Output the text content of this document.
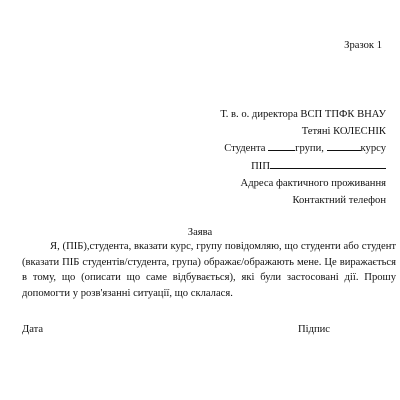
Зразок 1
Т. в. о. директора ВСП ТПФК ВНАУ
Тетяні КОЛЕСНІК
Студента	групи,	курсу
ПІП
Адреса фактичного проживання
Контактний телефон
Заява

Я, (ПІБ),студента, вказати курс, групу повідомляю, що студенти або студент (вказати ПІБ студентів/студента, група) ображає/ображають мене. Це виражається в тому, що (описати що саме відбувається), які були застосовані дії. Прошу допомогти у розв'язанні ситуації, що склалася.

Дата	Підпис
